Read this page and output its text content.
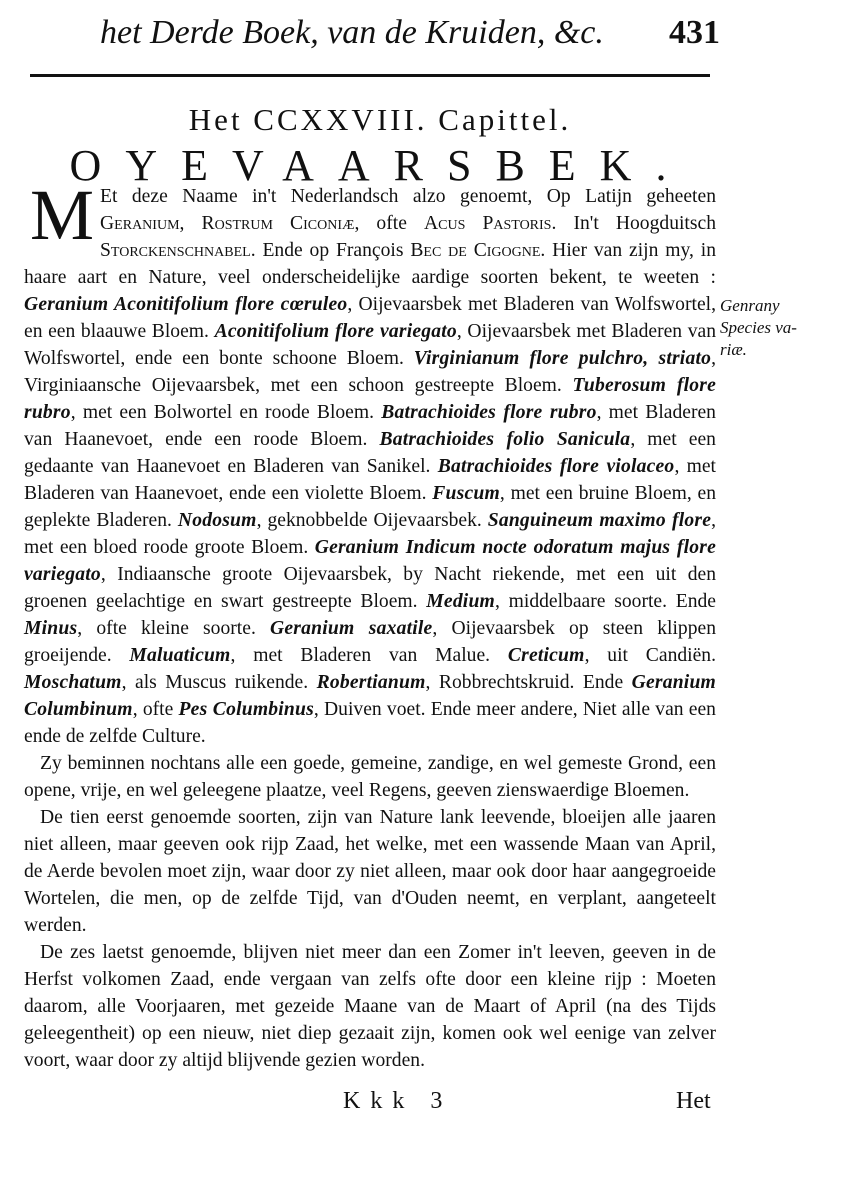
het Derde Boek, van de Kruiden, &c. 431
Het CCXXVIII. Capittel.
OYEVAARSBEK.

M Et deze Naame in't Nederlandsch alzo genoemt, Op Latijn geheeten Geranium, Rostrum Ciconiæ, ofte Acus Pastoris. In't Hoogduitsch Storckenschnabel. Ende op François Bec de Cigogne. Hier van zijn my, in haare aart en Nature, veel onderscheidelijke aardige soorten bekent, te weeten : Geranium Aconitifolium flore cœruleo, Oijevaarsbek met Bladeren van Wolfswortel, en een blaauwe Bloem. Aconitifolium flore variegato, Oijevaarsbek met Bladeren van Wolfswortel, ende een bonte schoone Bloem. Virginianum flore pulchro, striato, Virginiaansche Oijevaarsbek, met een schoon gestreepte Bloem. Tuberosum flore rubro, met een Bolwortel en roode Bloem. Batrachioides flore rubro, met Bladeren van Haanevoet, ende een roode Bloem. Batrachioides folio Sanicula, met een gedaante van Haanevoet en Bladeren van Sanikel. Batrachioides flore violaceo, met Bladeren van Haanevoet, ende een violette Bloem. Fuscum, met een bruine Bloem, en geplekte Bladeren. Nodosum, geknobbelde Oijevaarsbek. Sanguineum maximo flore, met een bloed roode groote Bloem. Geranium Indicum nocte odoratum majus flore variegato, Indiaansche groote Oijevaarsbek, by Nacht riekende, met een uit den groenen geelachtige en swart gestreepte Bloem. Medium, middelbaare soorte. Ende Minus, ofte kleine soorte. Geranium saxatile, Oijevaarsbek op steen klippen groeijende. Maluaticum, met Bladeren van Malue. Creticum, uit Candiën. Moschatum, als Muscus ruikende. Robertianum, Robbrechtskruid. Ende Geranium Columbinum, ofte Pes Columbinus, Duiven voet. Ende meer andere, Niet alle van een ende de zelfde Culture.

Zy beminnen nochtans alle een goede, gemeine, zandige, en wel gemeste Grond, een opene, vrije, en wel geleegene plaatze, veel Regens, geeven zienswaerdige Bloemen.

De tien eerst genoemde soorten, zijn van Nature lank leevende, bloeijen alle jaaren niet alleen, maar geeven ook rijp Zaad, het welke, met een wassende Maan van April, de Aerde bevolen moet zijn, waar door zy niet alleen, maar ook door haar aangegroeide Wortelen, die men, op de zelfde Tijd, van d'Ouden neemt, en verplant, aangeteelt werden.

De zes laetst genoemde, blijven niet meer dan een Zomer in't leeven, geeven in de Herfst volkomen Zaad, ende vergaan van zelfs ofte door een kleine rijp : Moeten daarom, alle Voorjaaren, met gezeide Maane van de Maart of April (na des Tijds geleegentheit) op een nieuw, niet diep gezaait zijn, komen ook wel eenige van zelver voort, waar door zy altijd blijvende gezien worden.

Genrany Species va-riæ.
Kkk 3	Het
